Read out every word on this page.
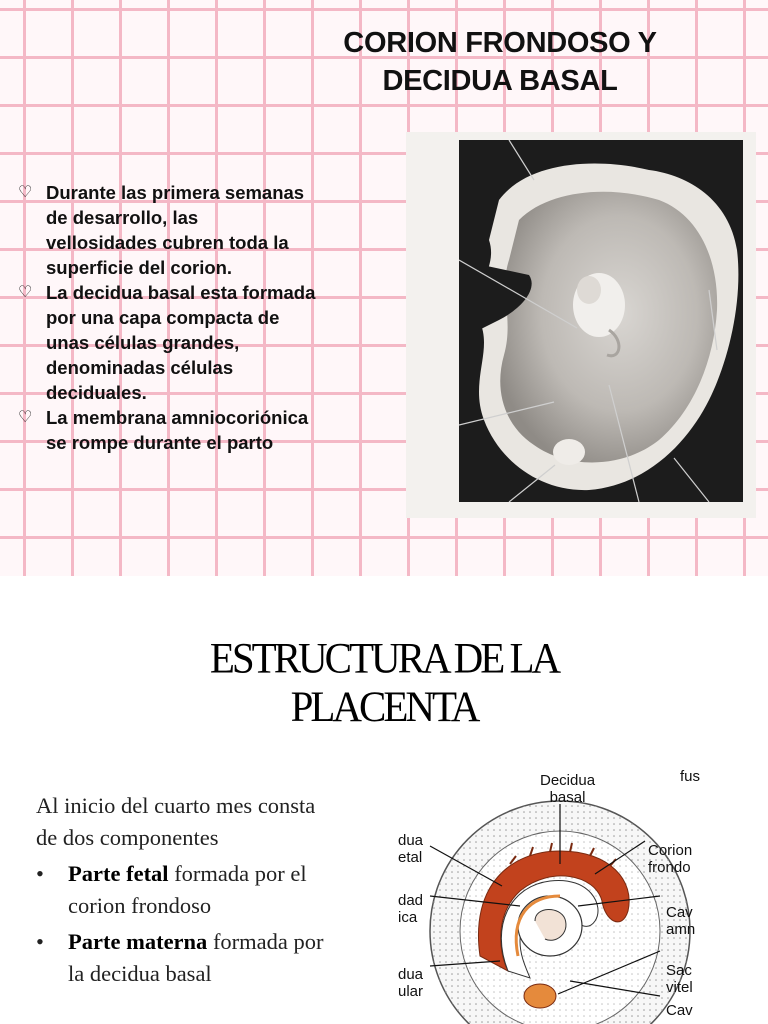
CORION FRONDOSO Y
DECIDUA BASAL
♡ Durante las primera semanas
de desarrollo, las
vellosidades cubren toda la
superficie del corion.
♡ La decidua basal esta formada
por una capa compacta de
unas células grandes,
denominadas células
deciduales.
♡ La membrana amniocoriónica
se rompe durante el parto
ESTRUCTURA DE LA
PLACENTA
Al inicio del cuarto mes consta
de dos componentes
•	Parte fetal formada por el
corion frondoso
•	Parte materna formada por
la decidua basal
Decidua
basal
fus
Corion
frondo
Cav
amn
Sac
vitel
Cav
dua
etal
dad
ica
dua
ular
